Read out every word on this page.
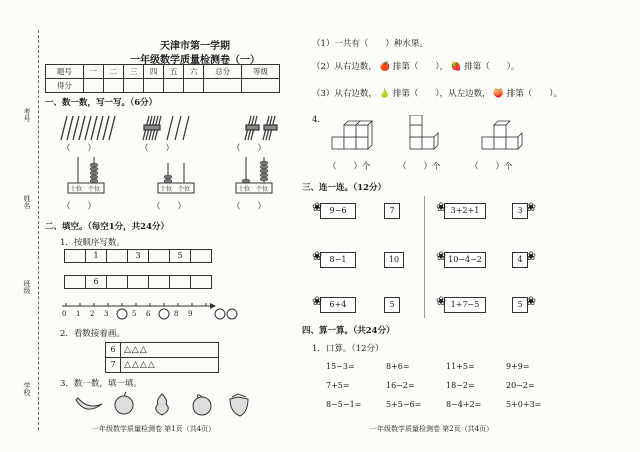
考号
姓名
班级
学校
天津市第一学期
一年级数学质量检测卷（一）
题号	一	二	三	四	五	六	总分	等级
得分								
一、数一数，写一写。（6分）
（　　）	（　　）	（　　）
十位 个位	十位 个位	十位 个位
（　　）	（　　）	（　　）
二、填空。（每空1分，共24分）
1．按顺序写数。
1	3	5
6
0 1 2 3	5 6	8 9
2．看数接着画。
6 △△△
7 △△△△
3．数一数，填一填。
一年级数学质量检测卷 第1页（共4页）
（1）一共有（　　）种水果。
（2）从右边数， 🍎 排第（　　）， 🍓 排第（　　）。
（3）从右边数， 🍐 排第（　　），从左边数， 🍑 排第（　　）。
4.
（　　）个	（　　）个	（　　）个
三、连一连。（12分）
9−6	7
8−1	10
6+4	5
3+2+1	3
10−4−2	4
1+7−5	5
❀
❀
❀
❀
❀
❀
❀
❀
❀
四、算一算。（共24分）
1．口算。（12分）
15−3=	8+6=	11+5=	9+9=
7+5=	16−2=	18−2=	20−2=
8−5−1=	5+5−6=	8−4+2=	5+0+3=
一年级数学质量检测卷 第2页（共4页）
